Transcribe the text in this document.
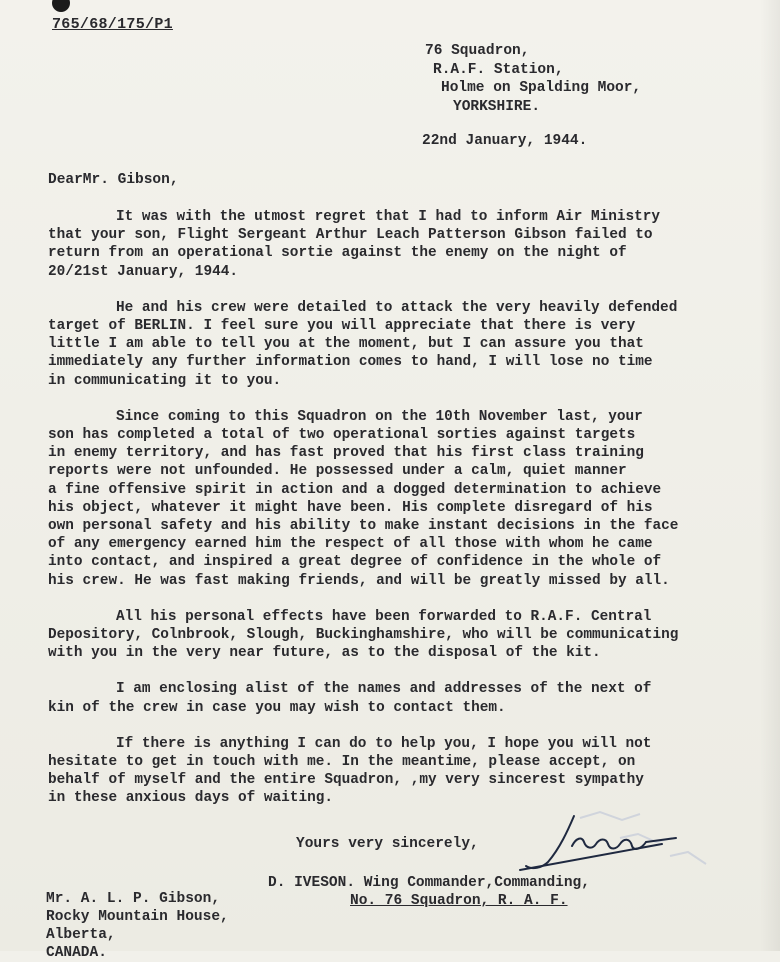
765/68/175/P1
76 Squadron,
R.A.F. Station,
Holme on Spalding Moor,
YORKSHIRE.
22nd January, 1944.
DearMr. Gibson,
It was with the utmost regret that I had to inform Air Ministry
that your son, Flight Sergeant Arthur Leach Patterson Gibson failed to
return from an operational sortie against the enemy on the night of
20/21st January, 1944.
He and his crew were detailed to attack the very heavily defended
target of BERLIN. I feel sure you will appreciate that there is very
little I am able to tell you at the moment, but I can assure you that
immediately any further information comes to hand, I will lose no time
in communicating it to you.
Since coming to this Squadron on the 10th November last, your
son has completed a total of two operational sorties against targets
in enemy territory, and has fast proved that his first class training
reports were not unfounded. He possessed under a calm, quiet manner
a fine offensive spirit in action and a dogged determination to achieve
his object, whatever it might have been. His complete disregard of his
own personal safety and his ability to make instant decisions in the face
of any emergency earned him the respect of all those with whom he came
into contact, and inspired a great degree of confidence in the whole of
his crew. He was fast making friends, and will be greatly missed by all.
All his personal effects have been forwarded to R.A.F. Central
Depository, Colnbrook, Slough, Buckinghamshire, who will be communicating
with you in the very near future, as to the disposal of the kit.
I am enclosing alist of the names and addresses of the next of
kin of the crew in case you may wish to contact them.
If there is anything I can do to help you, I hope you will not
hesitate to get in touch with me. In the meantime, please accept, on
behalf of myself and the entire Squadron, ,my very sincerest sympathy
in these anxious days of waiting.
Yours very sincerely,
D. IVESON. Wing Commander,Commanding,
No. 76 Squadron, R. A. F.
Mr. A. L. P. Gibson,
Rocky Mountain House,
Alberta,
CANADA.
